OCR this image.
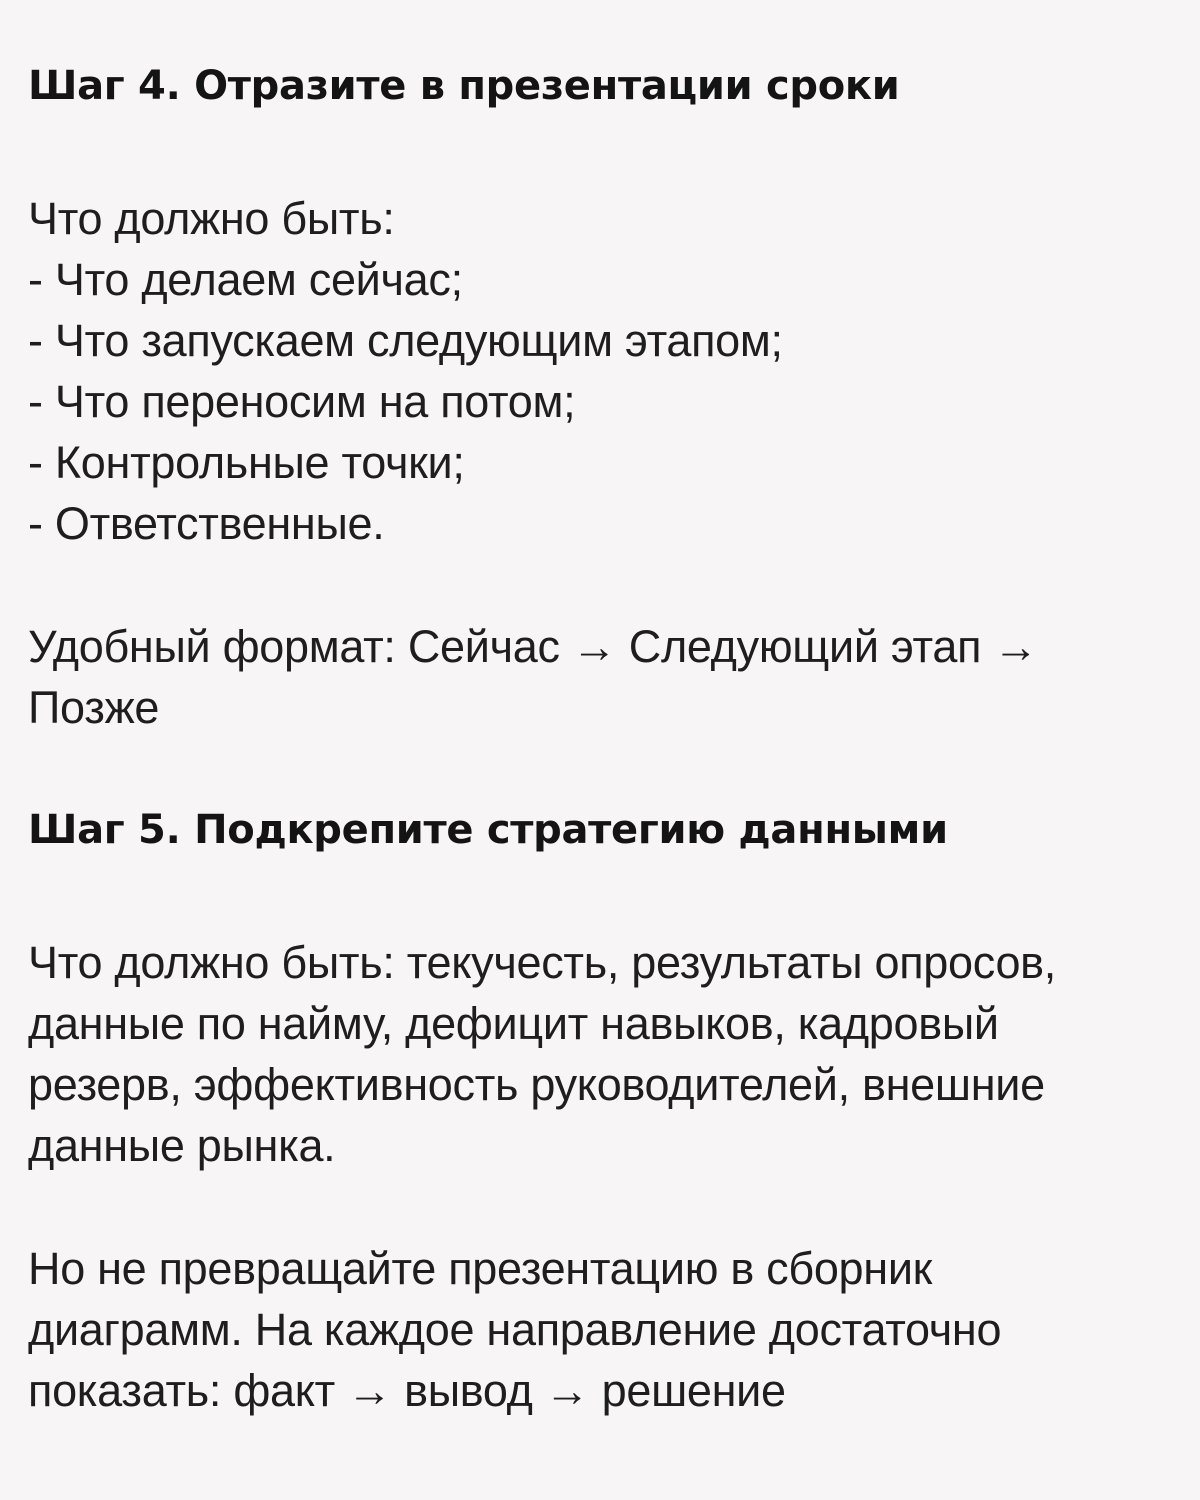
Шаг 4. Отразите в презентации сроки

Что должно быть:

- Что делаем сейчас;
- Что запускаем следующим этапом;
- Что переносим на потом;
- Контрольные точки;
- Ответственные.

Удобный формат: Сейчас → Следующий этап →

Позже

Шаг 5. Подкрепите стратегию данными

Что должно быть: текучесть, результаты опросов,

данные по найму, дефицит навыков, кадровый

резерв, эффективность руководителей, внешние

данные рынка.

Но не превращайте презентацию в сборник

диаграмм. На каждое направление достаточно

показать: факт → вывод → решение
